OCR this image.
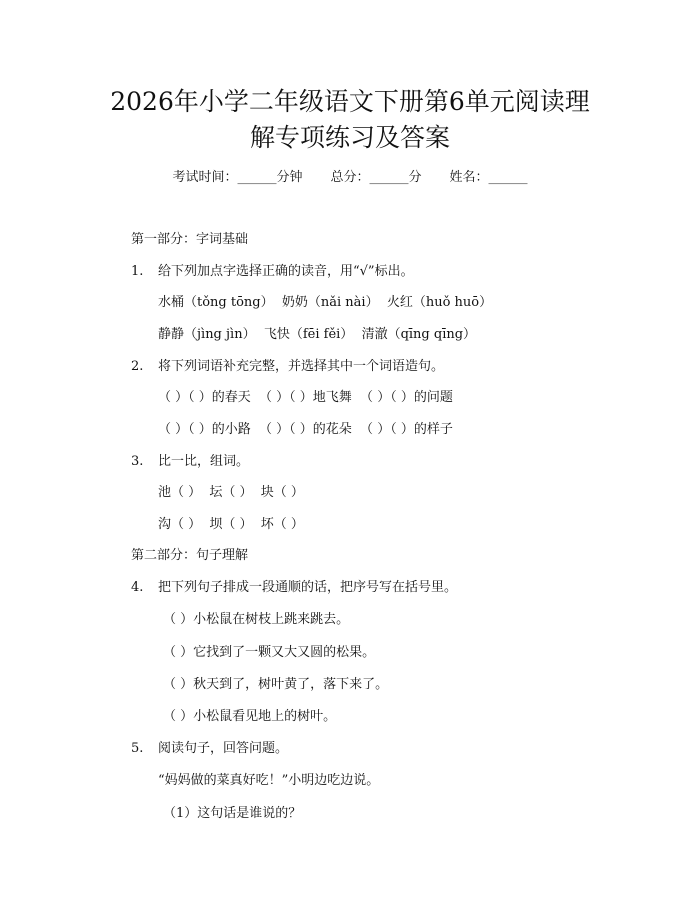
2026年小学二年级语文下册第6单元阅读理
解专项练习及答案
考试时间：______分钟 总分：______分 姓名：______
第一部分：字词基础
1. 给下列加点字选择正确的读音，用“√”标出。
水桶（tǒng tōng）  奶奶（nǎi nài）  火红（huǒ huō）
静静（jìng jìn）  飞快（fēi fěi）  清澈（qīng qīng）
2. 将下列词语补充完整，并选择其中一个词语造句。
（ ）（ ）的春天  （ ）（ ）地飞舞  （ ）（ ）的问题
（ ）（ ）的小路  （ ）（ ）的花朵  （ ）（ ）的样子
3. 比一比，组词。
池（ ）  坛（ ）  块（ ）
沟（ ）  坝（ ）  坏（ ）
第二部分：句子理解
4. 把下列句子排成一段通顺的话，把序号写在括号里。
（ ）小松鼠在树枝上跳来跳去。
（ ）它找到了一颗又大又圆的松果。
（ ）秋天到了，树叶黄了，落下来了。
（ ）小松鼠看见地上的树叶。
5. 阅读句子，回答问题。
“妈妈做的菜真好吃！”小明边吃边说。
（1）这句话是谁说的？
